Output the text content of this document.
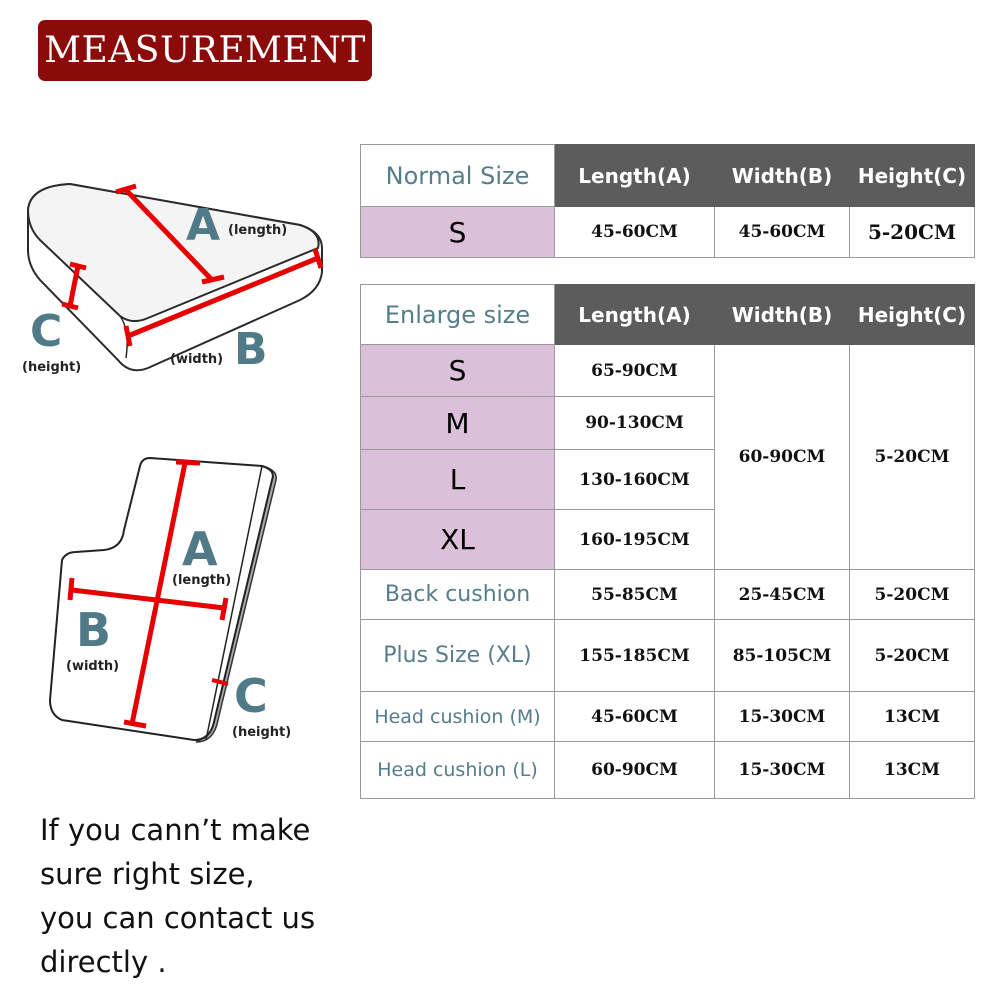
MEASUREMENT
A (length)
B
(width)
C
(height)
A
(length)
B
(width)
C
(height)
Normal Size	Length(A)	Width(B)	Height(C)
S	45-60CM	45-60CM	5-20CM
Enlarge size	Length(A)	Width(B)	Height(C)
S	65-90CM	60-90CM	5-20CM
M	90-130CM		
L	130-160CM		
XL	160-195CM		
Back cushion	55-85CM	25-45CM	5-20CM
Plus Size (XL)	155-185CM	85-105CM	5-20CM
Head cushion (M)	45-60CM	15-30CM	13CM
Head cushion (L)	60-90CM	15-30CM	13CM
If you cann’t make
sure right size,
you can contact us
directly .
